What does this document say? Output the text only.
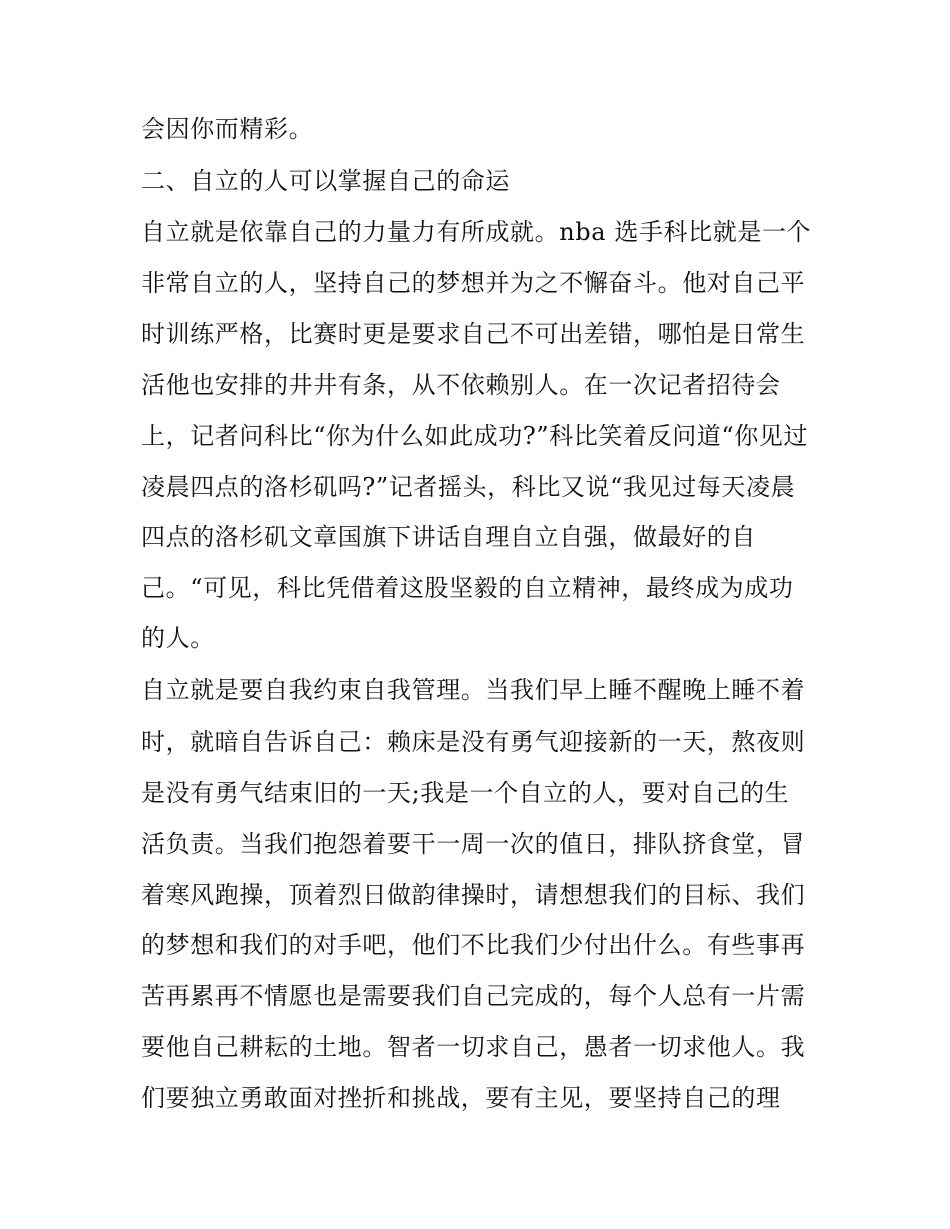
会因你而精彩。
二、自立的人可以掌握自己的命运
自立就是依靠自己的力量力有所成就。nba 选手科比就是一个
非常自立的人，坚持自己的梦想并为之不懈奋斗。他对自己平
时训练严格，比赛时更是要求自己不可出差错，哪怕是日常生
活他也安排的井井有条，从不依赖别人。在一次记者招待会
上，记者问科比“你为什么如此成功?”科比笑着反问道“你见过
凌晨四点的洛杉矶吗?”记者摇头，科比又说“我见过每天凌晨
四点的洛杉矶文章国旗下讲话自理自立自强，做最好的自
己。“可见，科比凭借着这股坚毅的自立精神，最终成为成功
的人。
自立就是要自我约束自我管理。当我们早上睡不醒晚上睡不着
时，就暗自告诉自己：赖床是没有勇气迎接新的一天，熬夜则
是没有勇气结束旧的一天;我是一个自立的人，要对自己的生
活负责。当我们抱怨着要干一周一次的值日，排队挤食堂，冒
着寒风跑操，顶着烈日做韵律操时，请想想我们的目标、我们
的梦想和我们的对手吧，他们不比我们少付出什么。有些事再
苦再累再不情愿也是需要我们自己完成的，每个人总有一片需
要他自己耕耘的土地。智者一切求自己，愚者一切求他人。我
们要独立勇敢面对挫折和挑战，要有主见，要坚持自己的理
